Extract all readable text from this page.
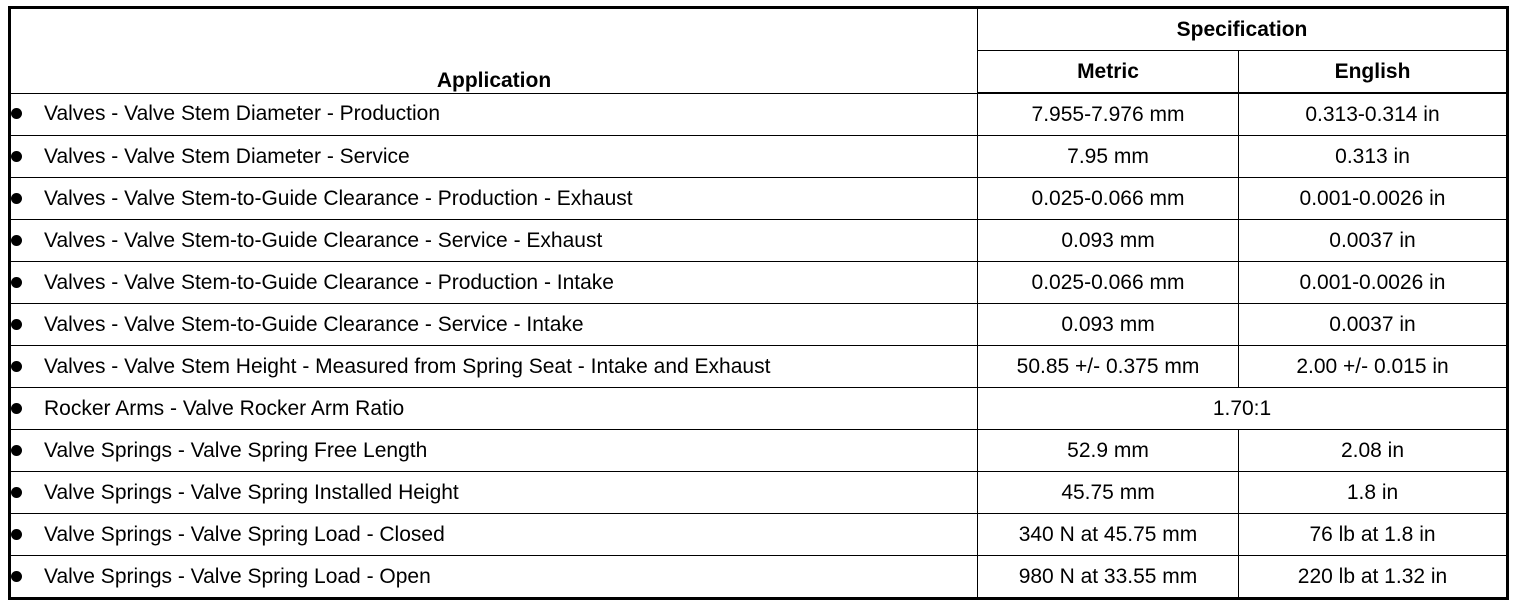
Application	Specification	
	Metric	English
Valves - Valve Stem Diameter - Production	7.955-7.976 mm	0.313-0.314 in
Valves - Valve Stem Diameter - Service	7.95 mm	0.313 in
Valves - Valve Stem-to-Guide Clearance - Production - Exhaust	0.025-0.066 mm	0.001-0.0026 in
Valves - Valve Stem-to-Guide Clearance - Service - Exhaust	0.093 mm	0.0037 in
Valves - Valve Stem-to-Guide Clearance - Production - Intake	0.025-0.066 mm	0.001-0.0026 in
Valves - Valve Stem-to-Guide Clearance - Service - Intake	0.093 mm	0.0037 in
Valves - Valve Stem Height - Measured from Spring Seat - Intake and Exhaust	50.85 +/- 0.375 mm	2.00 +/- 0.015 in
Rocker Arms - Valve Rocker Arm Ratio	1.70:1	
Valve Springs - Valve Spring Free Length	52.9 mm	2.08 in
Valve Springs - Valve Spring Installed Height	45.75 mm	1.8 in
Valve Springs - Valve Spring Load - Closed	340 N at 45.75 mm	76 lb at 1.8 in
Valve Springs - Valve Spring Load - Open	980 N at 33.55 mm	220 lb at 1.32 in
